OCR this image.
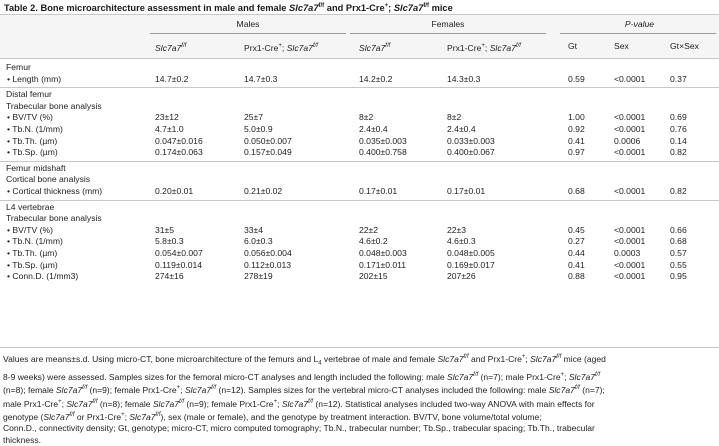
Table 2. Bone microarchitecture assessment in male and female $Slc7a7^{f/f}$ and Prx1-Cre+; $Slc7a7^{f/f}$ mice
Males	Females	P-value
$Slc7a7^{f/f}$	Prx1-Cre+; $Slc7a7^{f/f}$	$Slc7a7^{f/f}$	Prx1-Cre+; $Slc7a7^{f/f}$	Gt	Sex	Gt×Sex
Femur
• Length (mm)	14.7±0.2	14.7±0.3	14.2±0.2	14.3±0.3	0.59	<0.0001	0.37
Distal femur
Trabecular bone analysis
• BV/TV (%)	23±12	25±7	8±2	8±2	1.00	<0.0001	0.69
• Tb.N. (1/mm)	4.7±1.0	5.0±0.9	2.4±0.4	2.4±0.4	0.92	<0.0001	0.76
• Tb.Th. (µm)	0.047±0.016	0.050±0.007	0.035±0.003	0.033±0.003	0.41	0.0006	0.14
• Tb.Sp. (µm)	0.174±0.063	0.157±0.049	0.400±0.758	0.400±0.067	0.97	<0.0001	0.82
Femur midshaft
Cortical bone analysis
• Cortical thickness (mm)	0.20±0.01	0.21±0.02	0.17±0.01	0.17±0.01	0.68	<0.0001	0.82
L4 vertebrae
Trabecular bone analysis
• BV/TV (%)	31±5	33±4	22±2	22±3	0.45	<0.0001	0.66
• Tb.N. (1/mm)	5.8±0.3	6.0±0.3	4.6±0.2	4.6±0.3	0.27	<0.0001	0.68
• Tb.Th. (µm)	0.054±0.007	0.056±0.004	0.048±0.003	0.048±0.005	0.44	0.0003	0.57
• Tb.Sp. (µm)	0.119±0.014	0.112±0.013	0.171±0.011	0.169±0.017	0.41	<0.0001	0.55
• Conn.D. (1/mm3)	274±16	278±19	202±15	207±26	0.88	<0.0001	0.95
Values are means±s.d. Using micro-CT, bone microarchitecture of the femurs and $L_4$ vertebrae of male and female $Slc7a7^{f/f}$ and Prx1-Cre+; $Slc7a7^{f/f}$ mice (aged
8-9 weeks) were assessed. Samples sizes for the femoral micro-CT analyses and length included the following: male $Slc7a7^{f/f}$ (n=7); male Prx1-Cre+; $Slc7a7^{f/f}$
(n=8); female $Slc7a7^{f/f}$ (n=9); female Prx1-Cre+; $Slc7a7^{f/f}$ (n=12). Samples sizes for the vertebral micro-CT analyses included the following: male $Slc7a7^{f/f}$ (n=7);
male Prx1-Cre+; $Slc7a7^{f/f}$ (n=8); female $Slc7a7^{f/f}$ (n=9); female Prx1-Cre+; $Slc7a7^{f/f}$ (n=12). Statistical analyses included two-way ANOVA with main effects for
genotype ($Slc7a7^{f/f}$ or Prx1-Cre+; $Slc7a7^{f/f}$), sex (male or female), and the genotype by treatment interaction. BV/TV, bone volume/total volume;
Conn.D., connectivity density; Gt, genotype; micro-CT, micro computed tomography; Tb.N., trabecular number; Tb.Sp., trabecular spacing; Tb.Th., trabecular
thickness.
